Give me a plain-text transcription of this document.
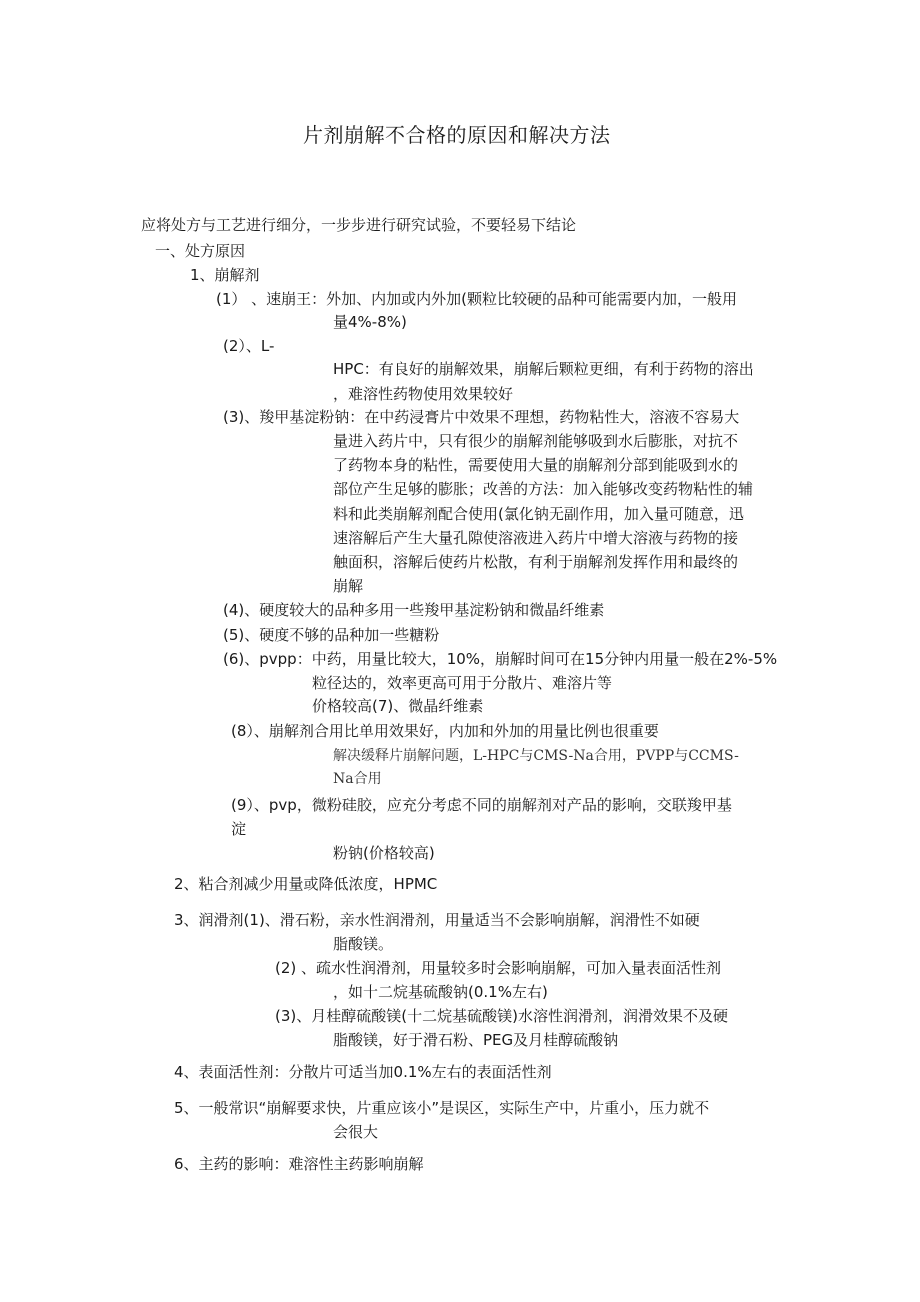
片剂崩解不合格的原因和解决方法
应将处方与工艺进行细分，一步步进行研究试验，不要轻易下结论
一、处方原因
1、崩解剂
(1） 、速崩王：外加、内加或内外加(颗粒比较硬的品种可能需要内加，一般用
量4%-8%)
(2）、L-
HPC：有良好的崩解效果，崩解后颗粒更细，有利于药物的溶出
，难溶性药物使用效果较好
(3)、羧甲基淀粉钠：在中药浸膏片中效果不理想，药物粘性大，溶液不容易大
量进入药片中，只有很少的崩解剂能够吸到水后膨胀，对抗不
了药物本身的粘性，需要使用大量的崩解剂分部到能吸到水的
部位产生足够的膨胀；改善的方法：加入能够改变药物粘性的辅
料和此类崩解剂配合使用(氯化钠无副作用，加入量可随意，迅
速溶解后产生大量孔隙使溶液进入药片中增大溶液与药物的接
触面积，溶解后使药片松散，有利于崩解剂发挥作用和最终的
崩解
(4)、硬度较大的品种多用一些羧甲基淀粉钠和微晶纤维素
(5)、硬度不够的品种加一些糖粉
(6)、pvpp：中药，用量比较大，10%，崩解时间可在15分钟内用量一般在2%-5%
粒径达的，效率更高可用于分散片、难溶片等
价格较高(7)、微晶纤维素
(8）、崩解剂合用比单用效果好，内加和外加的用量比例也很重要
解决缓释片崩解问题，L-HPC与CMS-Na合用，PVPP与CCMS-
Na合用
(9）、pvp，微粉硅胶，应充分考虑不同的崩解剂对产品的影响，交联羧甲基
淀
粉钠(价格较高)
2、粘合剂减少用量或降低浓度，HPMC
3、润滑剂(1)、滑石粉，亲水性润滑剂，用量适当不会影响崩解，润滑性不如硬
脂酸镁。
(2) 、疏水性润滑剂，用量较多时会影响崩解，可加入量表面活性剂
，如十二烷基硫酸钠(0.1%左右)
(3)、月桂醇硫酸镁(十二烷基硫酸镁)水溶性润滑剂，润滑效果不及硬
脂酸镁，好于滑石粉、PEG及月桂醇硫酸钠
4、表面活性剂：分散片可适当加0.1%左右的表面活性剂
5、一般常识“崩解要求快，片重应该小”是误区，实际生产中，片重小，压力就不
会很大
6、主药的影响：难溶性主药影响崩解
